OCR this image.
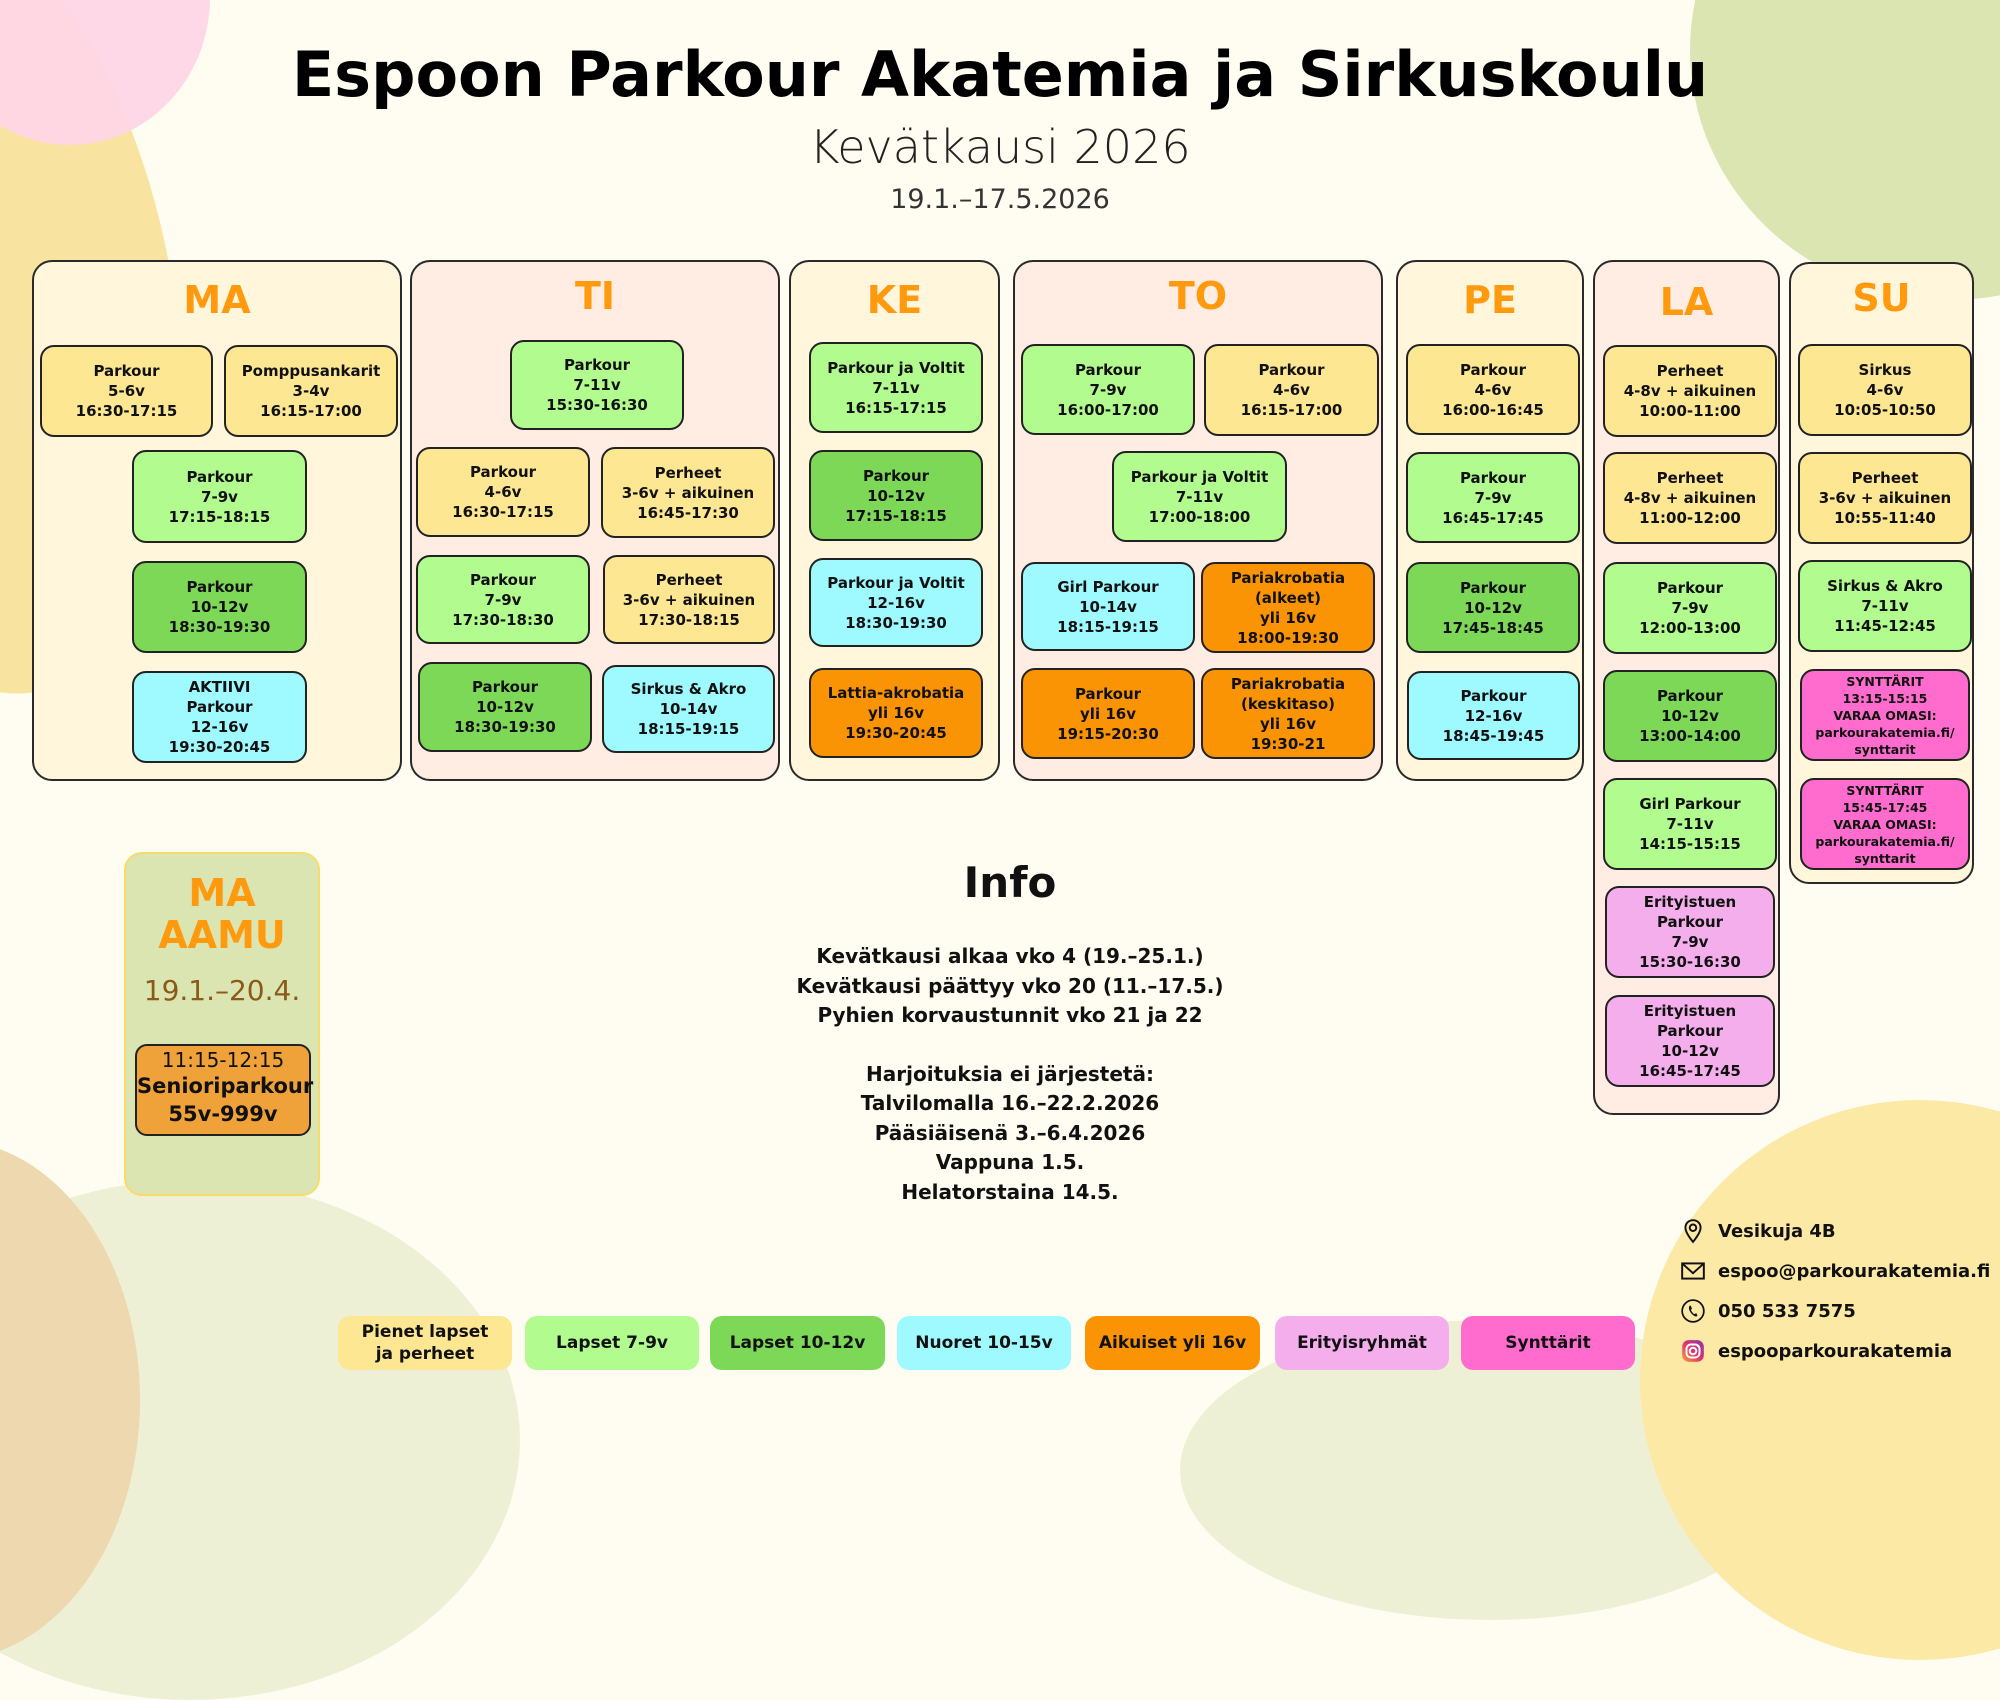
Espoon Parkour Akatemia ja Sirkuskoulu
Kevätkausi 2026
19.1.–17.5.2026
MA
Parkour
5-6v
16:30-17:15
Pomppusankarit
3-4v
16:15-17:00
Parkour
7-9v
17:15-18:15
Parkour
10-12v
18:30-19:30
AKTIIVI
Parkour
12-16v
19:30-20:45
TI
Parkour
7-11v
15:30-16:30
Parkour
4-6v
16:30-17:15
Perheet
3-6v + aikuinen
16:45-17:30
Parkour
7-9v
17:30-18:30
Perheet
3-6v + aikuinen
17:30-18:15
Parkour
10-12v
18:30-19:30
Sirkus & Akro
10-14v
18:15-19:15
KE
Parkour ja Voltit
7-11v
16:15-17:15
Parkour
10-12v
17:15-18:15
Parkour ja Voltit
12-16v
18:30-19:30
Lattia-akrobatia
yli 16v
19:30-20:45
TO
Parkour
7-9v
16:00-17:00
Parkour
4-6v
16:15-17:00
Parkour ja Voltit
7-11v
17:00-18:00
Girl Parkour
10-14v
18:15-19:15
Pariakrobatia
(alkeet)
yli 16v
18:00-19:30
Parkour
yli 16v
19:15-20:30
Pariakrobatia
(keskitaso)
yli 16v
19:30-21
PE
Parkour
4-6v
16:00-16:45
Parkour
7-9v
16:45-17:45
Parkour
10-12v
17:45-18:45
Parkour
12-16v
18:45-19:45
LA
Perheet
4-8v + aikuinen
10:00-11:00
Perheet
4-8v + aikuinen
11:00-12:00
Parkour
7-9v
12:00-13:00
Parkour
10-12v
13:00-14:00
Girl Parkour
7-11v
14:15-15:15
Erityistuen
Parkour
7-9v
15:30-16:30
Erityistuen
Parkour
10-12v
16:45-17:45
SU
Sirkus
4-6v
10:05-10:50
Perheet
3-6v + aikuinen
10:55-11:40
Sirkus & Akro
7-11v
11:45-12:45
SYNTTÄRIT
13:15-15:15
VARAA OMASI:
parkourakatemia.fi/
synttarit
SYNTTÄRIT
15:45-17:45
VARAA OMASI:
parkourakatemia.fi/
synttarit
MA
AAMU
19.1.–20.4.
11:15-12:15
Senioriparkour
55v-999v
Info
Kevätkausi alkaa vko 4 (19.–25.1.)
Kevätkausi päättyy vko 20 (11.–17.5.)
Pyhien korvaustunnit vko 21 ja 22
Harjoituksia ei järjestetä:
Talvilomalla 16.–22.2.2026
Pääsiäisenä 3.–6.4.2026
Vappuna 1.5.
Helatorstaina 14.5.
Pienet lapset
ja perheet
Lapset 7-9v	Lapset 10-12v	Nuoret 10-15v	Aikuiset yli 16v	Erityisryhmät	Synttärit
Vesikuja 4B
espoo@parkourakatemia.fi
050 533 7575
espooparkourakatemia
